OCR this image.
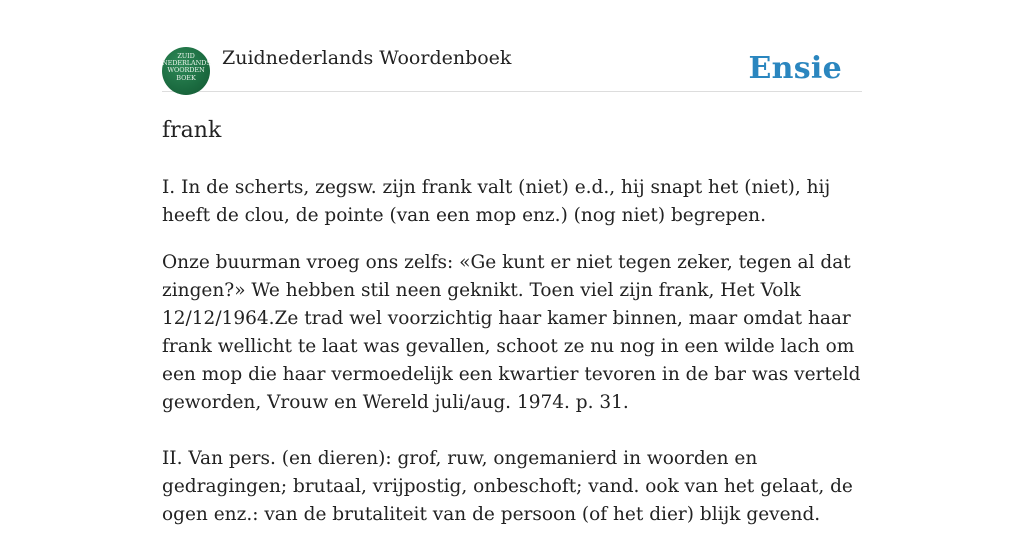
ZUID
NEDERLANDS
WOORDEN
BOEK
Zuidnederlands Woordenboek	Ensie
frank

I. In de scherts, zegsw. zijn frank valt (niet) e.d., hij snapt het (niet), hij heeft de clou, de pointe (van een mop enz.) (nog niet) begrepen.

Onze buurman vroeg ons zelfs: «Ge kunt er niet tegen zeker, tegen al dat zingen?» We hebben stil neen geknikt. Toen viel zijn frank, Het Volk 12/12/1964.Ze trad wel voorzichtig haar kamer binnen, maar omdat haar frank wellicht te laat was gevallen, schoot ze nu nog in een wilde lach om een mop die haar vermoedelijk een kwartier tevoren in de bar was verteld geworden, Vrouw en Wereld juli/aug. 1974. p. 31.

II. Van pers. (en dieren): grof, ruw, ongemanierd in woorden en gedragingen; brutaal, vrijpostig, onbeschoft; vand. ook van het gelaat, de ogen enz.: van de brutaliteit van de persoon (of het dier) blijk gevend.
